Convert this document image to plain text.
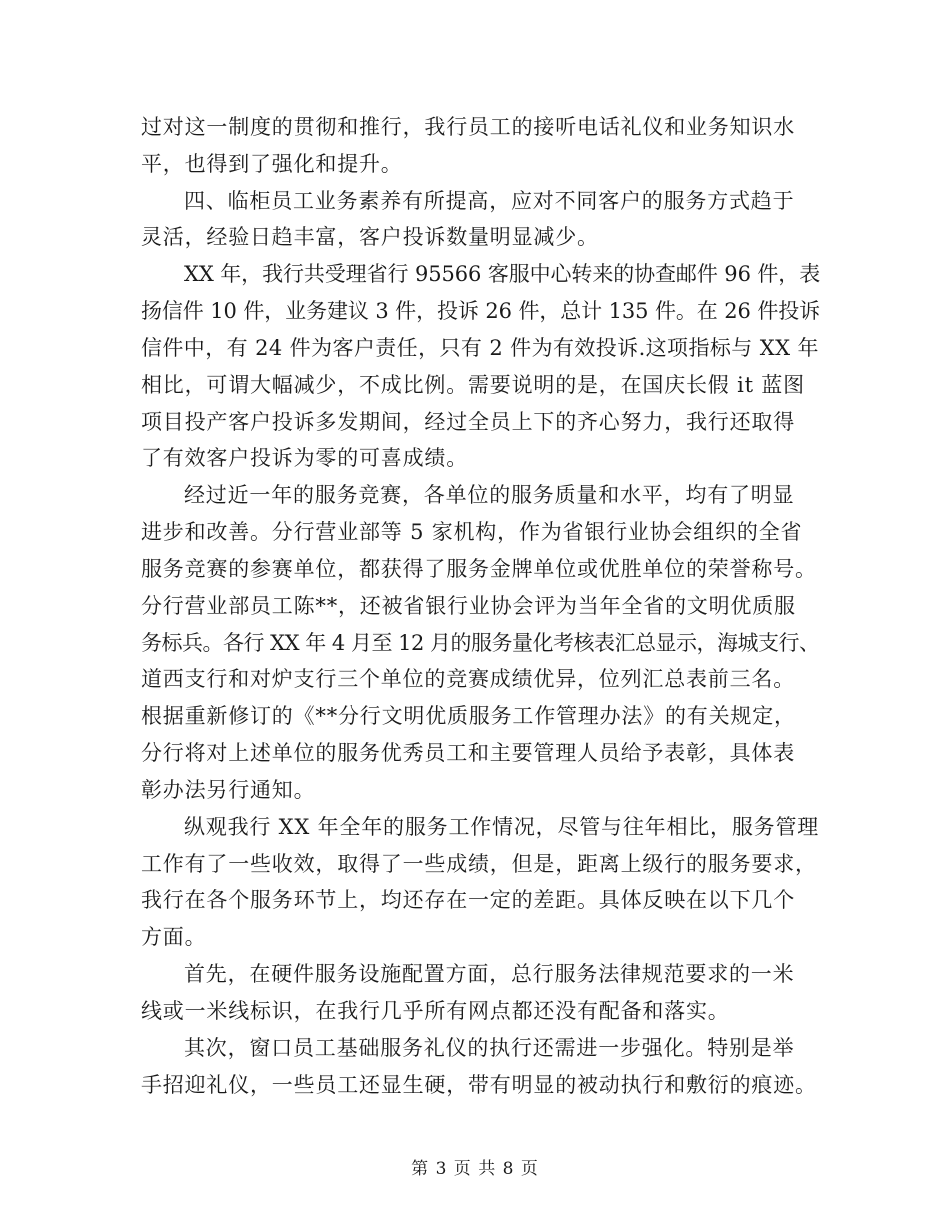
过对这一制度的贯彻和推行，我行员工的接听电话礼仪和业务知识水
平，也得到了强化和提升。
四、临柜员工业务素养有所提高，应对不同客户的服务方式趋于
灵活，经验日趋丰富，客户投诉数量明显减少。
XX 年，我行共受理省行 95566 客服中心转来的协查邮件 96 件，表
扬信件 10 件，业务建议 3 件，投诉 26 件，总计 135 件。在 26 件投诉
信件中，有 24 件为客户责任，只有 2 件为有效投诉.这项指标与 XX 年
相比，可谓大幅减少，不成比例。需要说明的是，在国庆长假 it 蓝图
项目投产客户投诉多发期间，经过全员上下的齐心努力，我行还取得
了有效客户投诉为零的可喜成绩。
经过近一年的服务竞赛，各单位的服务质量和水平，均有了明显
进步和改善。分行营业部等 5 家机构，作为省银行业协会组织的全省
服务竞赛的参赛单位，都获得了服务金牌单位或优胜单位的荣誉称号。
分行营业部员工陈**，还被省银行业协会评为当年全省的文明优质服
务标兵。各行 XX 年 4 月至 12 月的服务量化考核表汇总显示，海城支行、
道西支行和对炉支行三个单位的竞赛成绩优异，位列汇总表前三名。
根据重新修订的《**分行文明优质服务工作管理办法》的有关规定，
分行将对上述单位的服务优秀员工和主要管理人员给予表彰，具体表
彰办法另行通知。
纵观我行 XX 年全年的服务工作情况，尽管与往年相比，服务管理
工作有了一些收效，取得了一些成绩，但是，距离上级行的服务要求，
我行在各个服务环节上，均还存在一定的差距。具体反映在以下几个
方面。
首先，在硬件服务设施配置方面，总行服务法律规范要求的一米
线或一米线标识，在我行几乎所有网点都还没有配备和落实。
其次，窗口员工基础服务礼仪的执行还需进一步强化。特别是举
手招迎礼仪，一些员工还显生硬，带有明显的被动执行和敷衍的痕迹。
第 3 页 共 8 页
